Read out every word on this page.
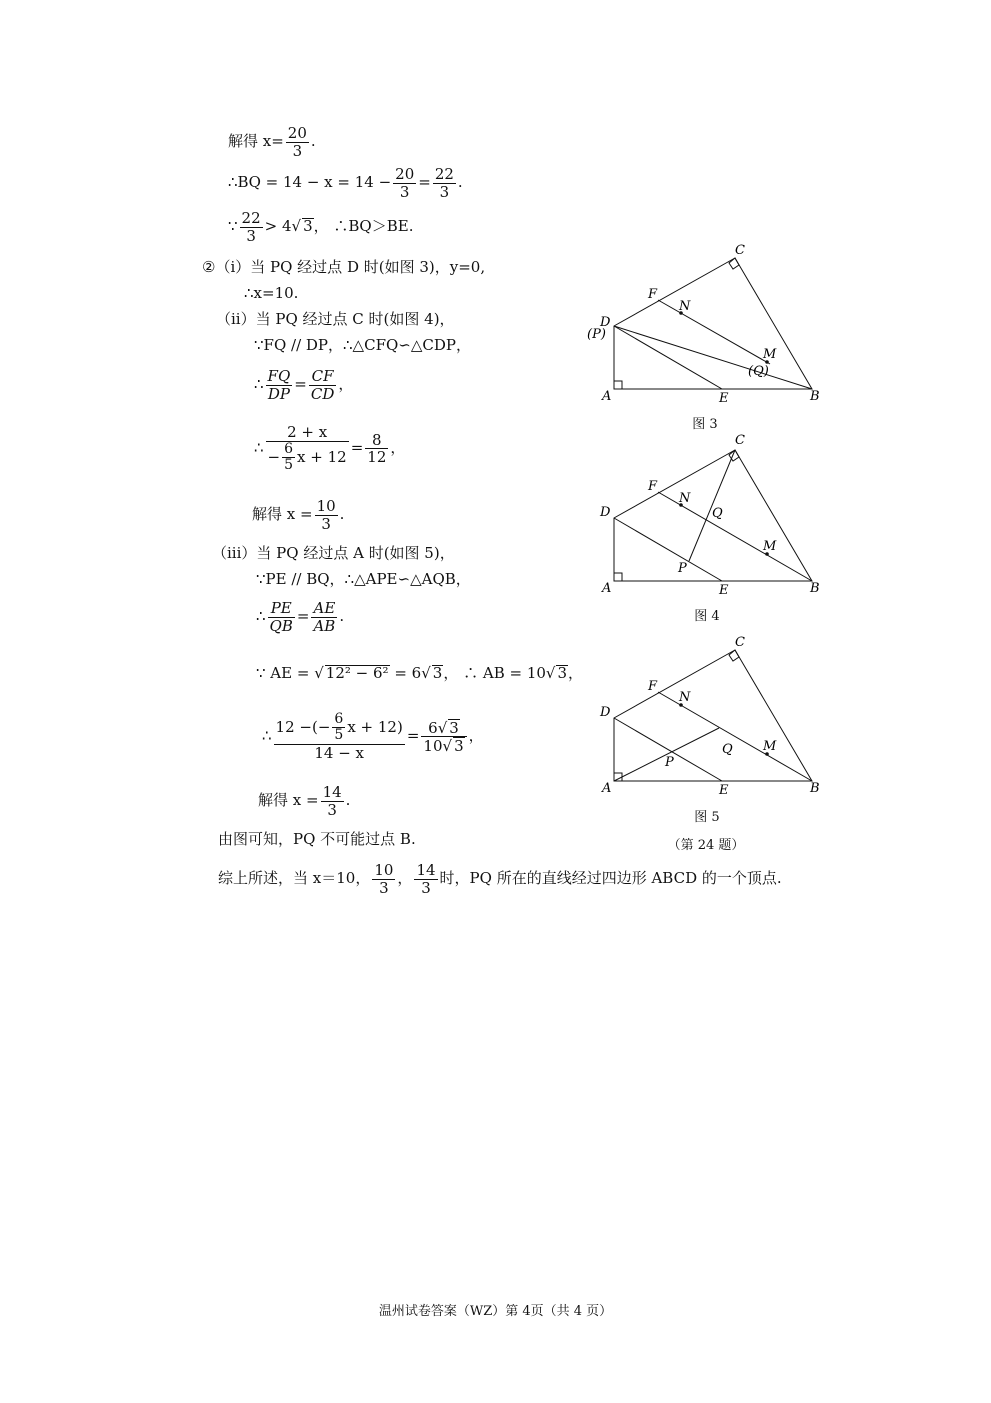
解得 $x= \frac{20}{3}$ .
∴BQ = $14 - x = 14 - \frac{20}{3} = \frac{22}{3}$ .
∵ $\frac{22}{3} > 4√$ 3， ∴BQ＞BE.
②（i）当 PQ 经过点 D 时(如图 3)，y=0,
∴x=10.
（ii）当 PQ 经过点 C 时(如图 4)，
∵FQ // DP，∴△CFQ∽△CDP，
∴ $\frac{FQ}{DP} = \frac{CF}{CD}$ ，
∴ $\frac{2 + x}{- \frac{6}{5} x + 12} = \frac{8}{12}$ ，
解得 $x = \frac{10}{3}$ .
（iii）当 PQ 经过点 A 时(如图 5)，
∵PE // BQ，∴△APE∽△AQB，
∴ $\frac{PE}{QB} = \frac{AE}{AB}$ .
∵ AE = √ 12² − 6² = 6√ 3， ∴ AB = 10√ 3，
∴ $\frac{12 -(- \frac{6}{5} x + 12)}{14 - x} = \frac{6√ 3}{10√ 3}$ ，
解得 $x = \frac{14}{3}$ .
由图可知，PQ 不可能过点 B.
综上所述，当 x＝10， $\frac{10}{3}$ ， $\frac{14}{3}$ 时，PQ 所在的直线经过四边形 ABCD 的一个顶点.
C
F
N
D
(P)
M
(Q)
A	E	B
图 3
C
F
N
D	Q
M
P
A	E	B
图 4
C
F
N
D
Q M
P
A	E	B
图 5
（第 24 题）
温州试卷答案（WZ）第 4页（共 4 页）
